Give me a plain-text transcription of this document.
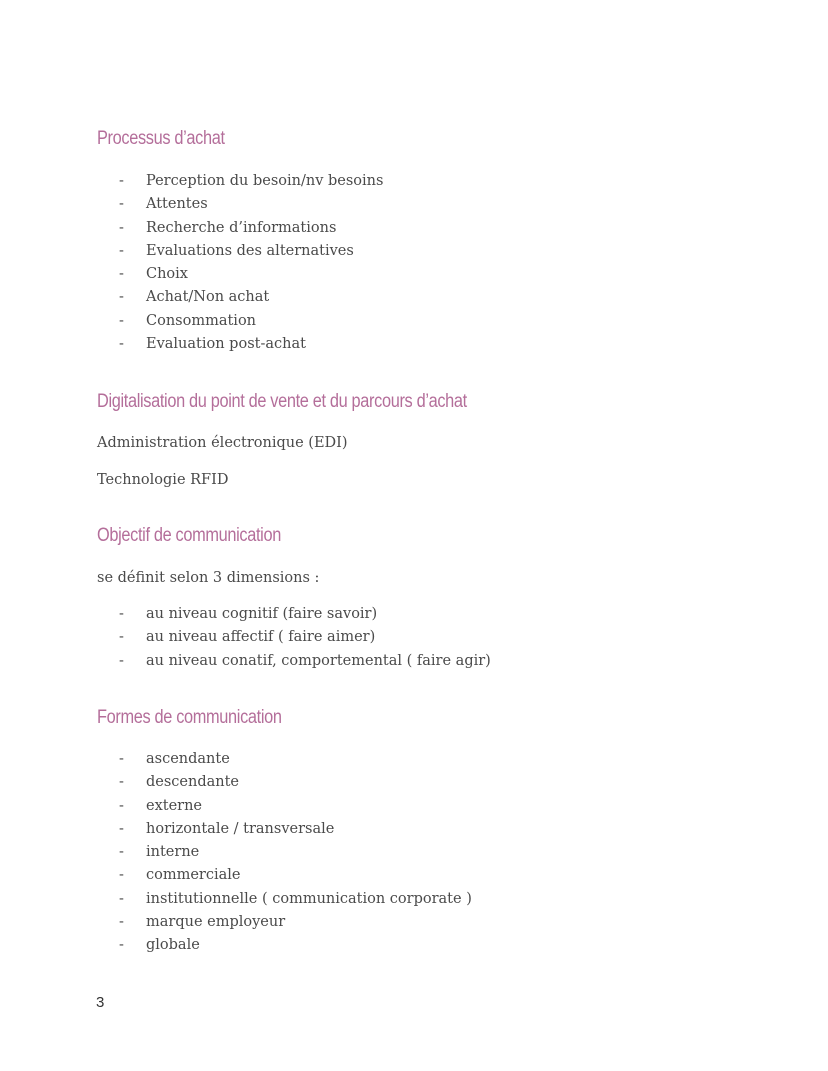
Processus d’achat
- Perception du besoin/nv besoins
- Attentes
- Recherche d’informations
- Evaluations des alternatives
- Choix
- Achat/Non achat
- Consommation
- Evaluation post-achat
Digitalisation du point de vente et du parcours d’achat

Administration électronique (EDI)

Technologie RFID

Objectif de communication

se définit selon 3 dimensions :

- au niveau cognitif (faire savoir)
- au niveau affectif ( faire aimer)
- au niveau conatif, comportemental ( faire agir)
Formes de communication
- ascendante
- descendante
- externe
- horizontale / transversale
- interne
- commerciale
- institutionnelle ( communication corporate )
- marque employeur
- globale
3
